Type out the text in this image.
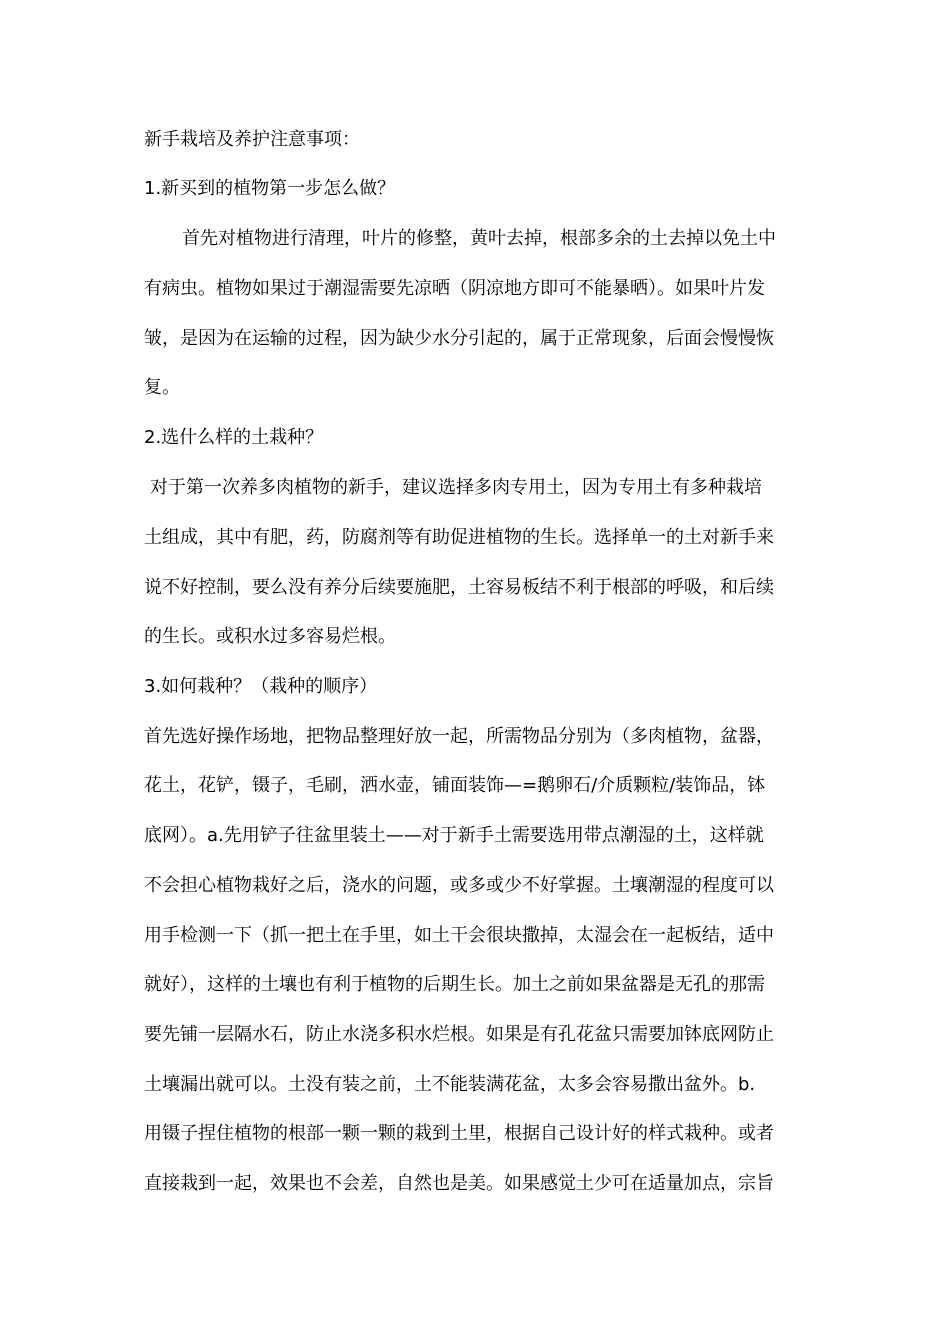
新手栽培及养护注意事项：
1.新买到的植物第一步怎么做？
首先对植物进行清理，叶片的修整，黄叶去掉，根部多余的土去掉以免土中
有病虫。植物如果过于潮湿需要先凉晒（阴凉地方即可不能暴晒）。如果叶片发
皱，是因为在运输的过程，因为缺少水分引起的，属于正常现象，后面会慢慢恢
复。
2.选什么样的土栽种？
对于第一次养多肉植物的新手，建议选择多肉专用土，因为专用土有多种栽培
土组成，其中有肥，药，防腐剂等有助促进植物的生长。选择单一的土对新手来
说不好控制，要么没有养分后续要施肥，土容易板结不利于根部的呼吸，和后续
的生长。或积水过多容易烂根。
3.如何栽种？（栽种的顺序）
首先选好操作场地，把物品整理好放一起，所需物品分别为（多肉植物，盆器，
花土，花铲，镊子，毛刷，洒水壶，铺面装饰—=鹅卵石/介质颗粒/装饰品，钵
底网）。a.先用铲子往盆里装土——对于新手土需要选用带点潮湿的土，这样就
不会担心植物栽好之后，浇水的问题，或多或少不好掌握。土壤潮湿的程度可以
用手检测一下（抓一把土在手里，如土干会很块撒掉，太湿会在一起板结，适中
就好），这样的土壤也有利于植物的后期生长。加土之前如果盆器是无孔的那需
要先铺一层隔水石，防止水浇多积水烂根。如果是有孔花盆只需要加钵底网防止
土壤漏出就可以。土没有装之前，土不能装满花盆，太多会容易撒出盆外。b.
用镊子捏住植物的根部一颗一颗的栽到土里，根据自己设计好的样式栽种。或者
直接栽到一起，效果也不会差，自然也是美。如果感觉土少可在适量加点，宗旨
